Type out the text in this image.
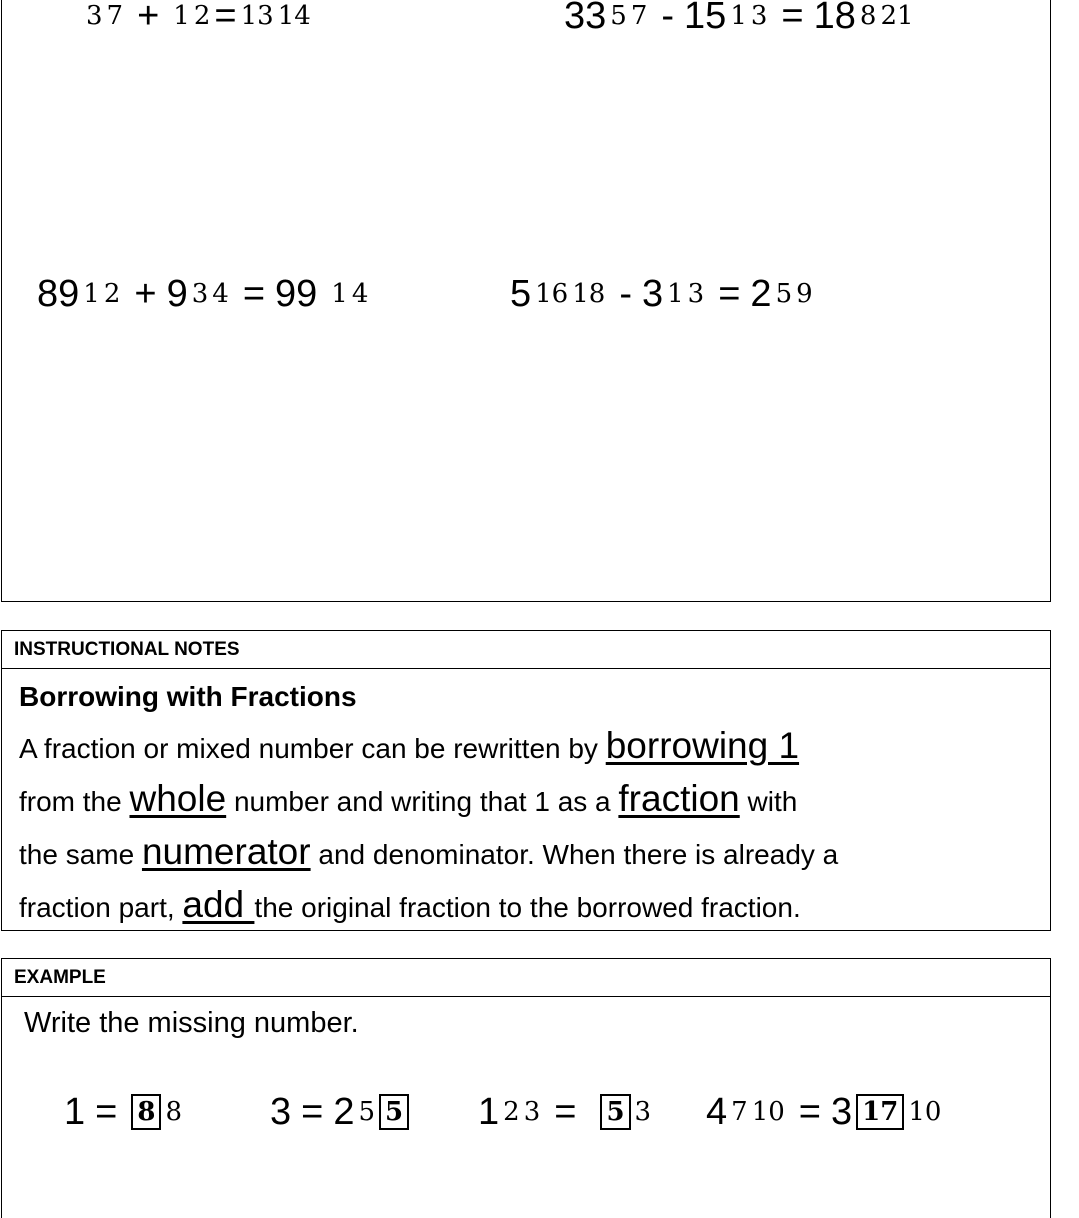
3 7 + 1 2 = 13 14	33 5 7 - 15 1 3 = 18 8 21
89 1 2 + 9 3 4 = 99 1 4	5 16 18 - 3 1 3 = 2 5 9
INSTRUCTIONAL NOTES
Borrowing with Fractions
A fraction or mixed number can be rewritten by borrowing 1
from the whole number and writing that 1 as a fraction with
the same numerator and denominator. When there is already a
fraction part, add the original fraction to the borrowed fraction.
EXAMPLE
Write the missing number.
1 = 8 8 3 = 2 5 5 1 2 3 =	5 3 4 7 10 = 3 17 10
